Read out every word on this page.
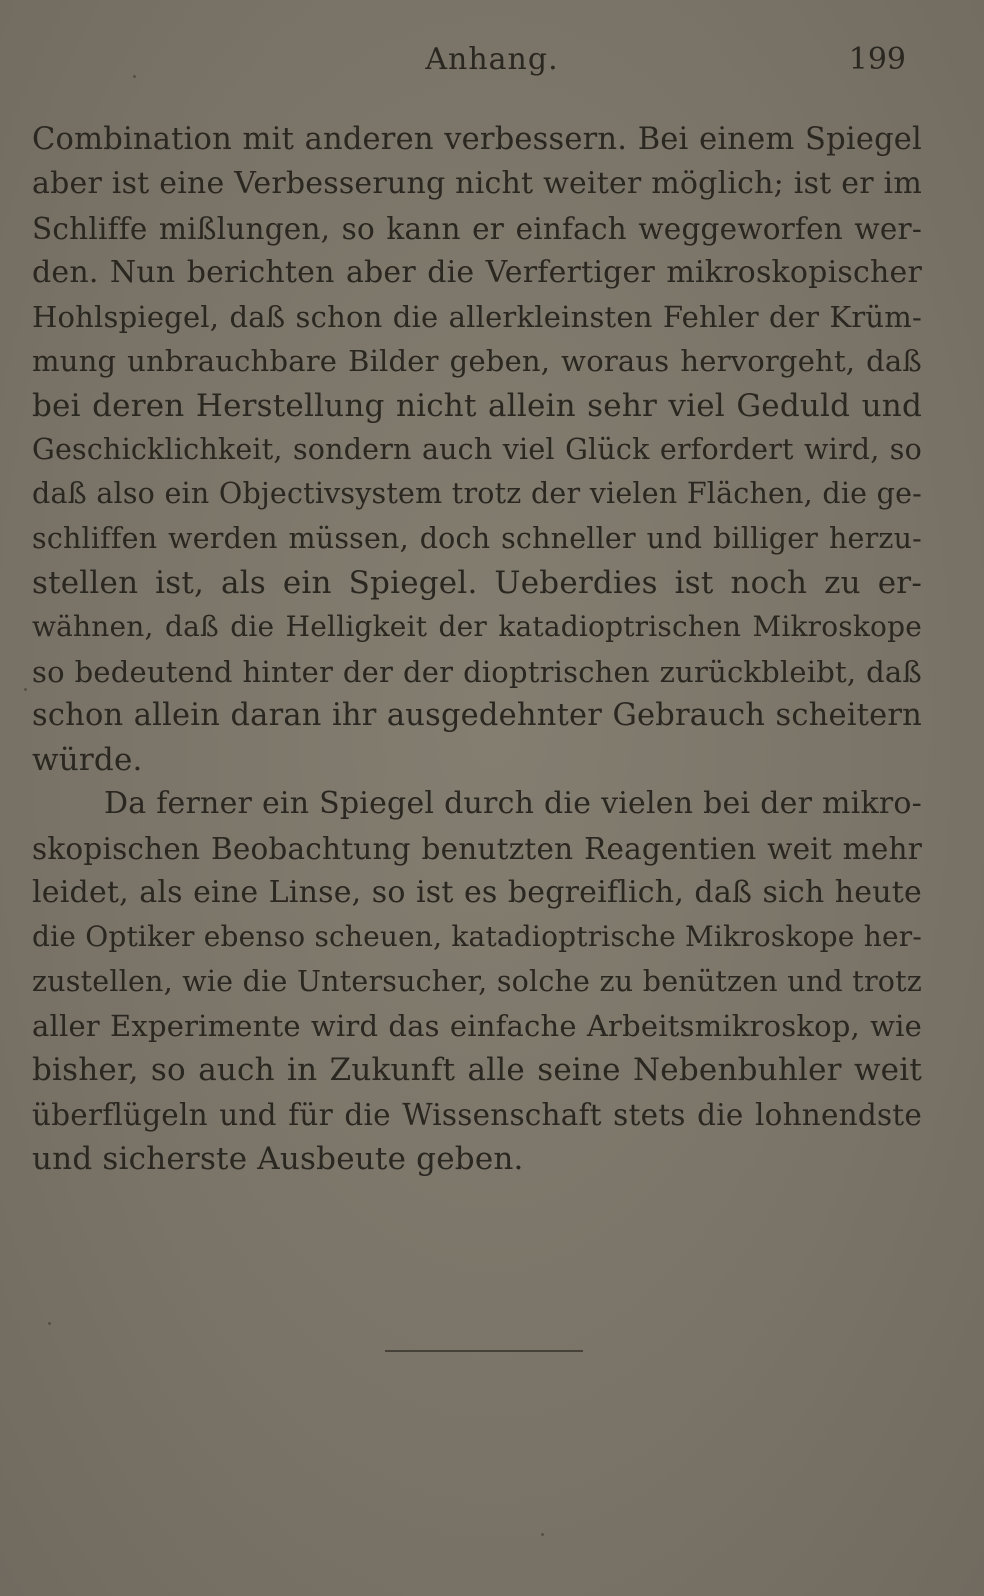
Anhang.	199
Combination mit anderen verbessern. Bei einem Spiegel
aber ist eine Verbesserung nicht weiter möglich; ist er im
Schliffe mißlungen, so kann er einfach weggeworfen wer-
den. Nun berichten aber die Verfertiger mikroskopischer
Hohlspiegel, daß schon die allerkleinsten Fehler der Krüm-
mung unbrauchbare Bilder geben, woraus hervorgeht, daß
bei deren Herstellung nicht allein sehr viel Geduld und
Geschicklichkeit, sondern auch viel Glück erfordert wird, so
daß also ein Objectivsystem trotz der vielen Flächen, die ge-
schliffen werden müssen, doch schneller und billiger herzu-
stellen ist, als ein Spiegel. Ueberdies ist noch zu er-
wähnen, daß die Helligkeit der katadioptrischen Mikroskope
so bedeutend hinter der der dioptrischen zurückbleibt, daß
schon allein daran ihr ausgedehnter Gebrauch scheitern
würde.
Da ferner ein Spiegel durch die vielen bei der mikro-
skopischen Beobachtung benutzten Reagentien weit mehr
leidet, als eine Linse, so ist es begreiflich, daß sich heute
die Optiker ebenso scheuen, katadioptrische Mikroskope her-
zustellen, wie die Untersucher, solche zu benützen und trotz
aller Experimente wird das einfache Arbeitsmikroskop, wie
bisher, so auch in Zukunft alle seine Nebenbuhler weit
überflügeln und für die Wissenschaft stets die lohnendste
und sicherste Ausbeute geben.
